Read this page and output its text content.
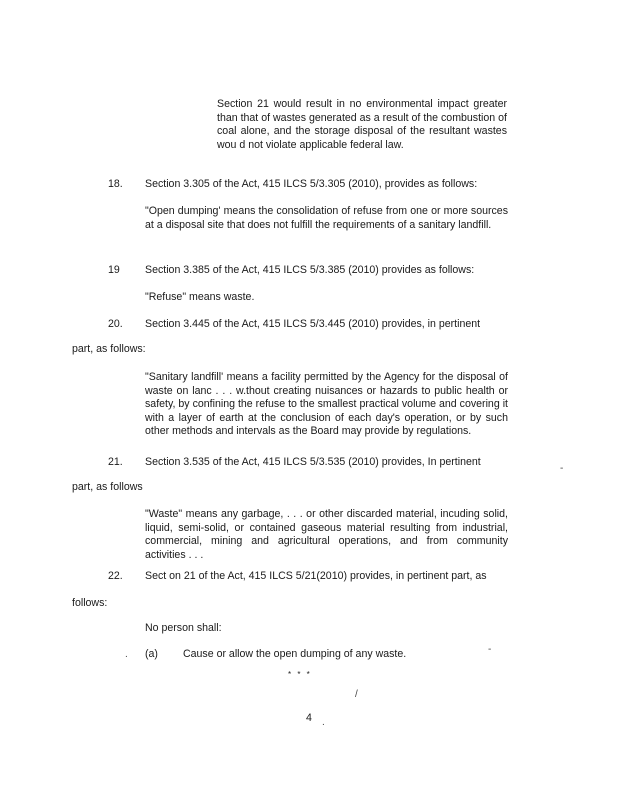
Section 21 would result in no environmental impact greater than that of wastes generated as a result of the combustion of coal alone, and the storage disposal of the resultant wastes wou d not violate applicable federal law.

18. Section 3.305 of the Act, 415 ILCS 5/3.305 (2010), provides as follows:

"Open dumping' means the consolidation of refuse from one or more sources at a disposal site that does not fulfill the requirements of a sanitary landfill.

19 Section 3.385 of the Act, 415 ILCS 5/3.385 (2010) provides as follows:

"Refuse" means waste.

20. Section 3.445 of the Act, 415 ILCS 5/3.445 (2010) provides, in pertinent

part, as follows:

"Sanitary landfill' means a facility permitted by the Agency for the disposal of waste on lanc . . . w.thout creating nuisances or hazards to public health or safety, by confining the refuse to the smallest practical volume and covering it with a layer of earth at the conclusion of each day's operation, or by such other methods and intervals as the Board may provide by regulations.

21. Section 3.535 of the Act, 415 ILCS 5/3.535 (2010) provides, In pertinent

part, as follows

"Waste" means any garbage, . . . or other discarded material, incuding solid, liquid, semi-solid, or contained gaseous material resulting from industrial, commercial, mining and agricultural operations, and from community activities . . .

22. Sect on 21 of the Act, 415 ILCS 5/21(2010) provides, in pertinent part, as

follows:

No person shall:

(a) Cause or allow the open dumping of any waste.

* * *

-
.	-
/
.
4
